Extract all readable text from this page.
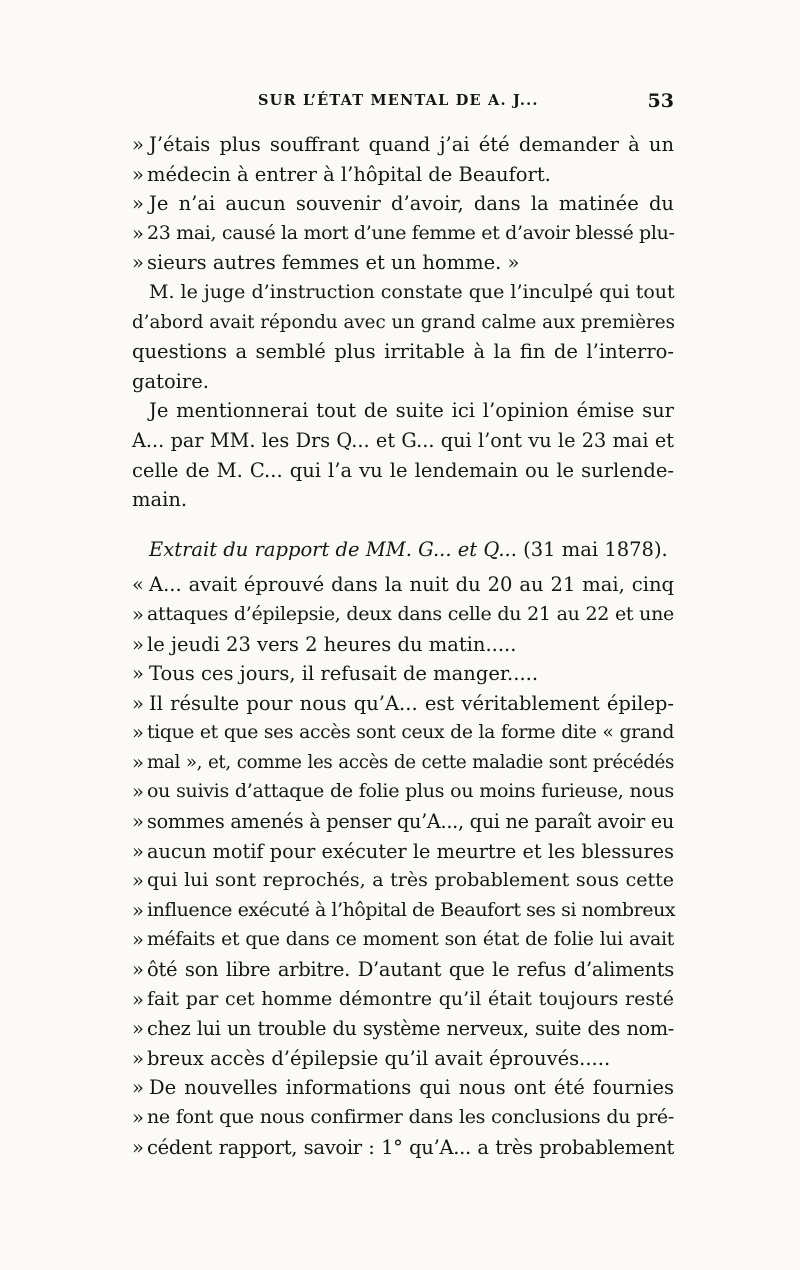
SUR L’ÉTAT MENTAL DE A. J...	53
» J’étais plus souffrant quand j’ai été demander à un
» médecin à entrer à l’hôpital de Beaufort.
» Je n’ai aucun souvenir d’avoir, dans la matinée du
» 23 mai, causé la mort d’une femme et d’avoir blessé plu-
» sieurs autres femmes et un homme. »
M. le juge d’instruction constate que l’inculpé qui tout
d’abord avait répondu avec un grand calme aux premières
questions a semblé plus irritable à la fin de l’interro-
gatoire.
Je mentionnerai tout de suite ici l’opinion émise sur
A... par MM. les Drs Q... et G... qui l’ont vu le 23 mai et
celle de M. C... qui l’a vu le lendemain ou le surlende-
main.
Extrait du rapport de MM. G... et Q... (31 mai 1878).
« A... avait éprouvé dans la nuit du 20 au 21 mai, cinq
» attaques d’épilepsie, deux dans celle du 21 au 22 et une
» le jeudi 23 vers 2 heures du matin.....
» Tous ces jours, il refusait de manger.....
» Il résulte pour nous qu’A... est véritablement épilep-
» tique et que ses accès sont ceux de la forme dite « grand
» mal », et, comme les accès de cette maladie sont précédés
» ou suivis d’attaque de folie plus ou moins furieuse, nous
» sommes amenés à penser qu’A..., qui ne paraît avoir eu
» aucun motif pour exécuter le meurtre et les blessures
» qui lui sont reprochés, a très probablement sous cette
» influence exécuté à l’hôpital de Beaufort ses si nombreux
» méfaits et que dans ce moment son état de folie lui avait
» ôté son libre arbitre. D’autant que le refus d’aliments
» fait par cet homme démontre qu’il était toujours resté
» chez lui un trouble du système nerveux, suite des nom-
» breux accès d’épilepsie qu’il avait éprouvés.....
» De nouvelles informations qui nous ont été fournies
» ne font que nous confirmer dans les conclusions du pré-
» cédent rapport, savoir : 1° qu’A... a très probablement
